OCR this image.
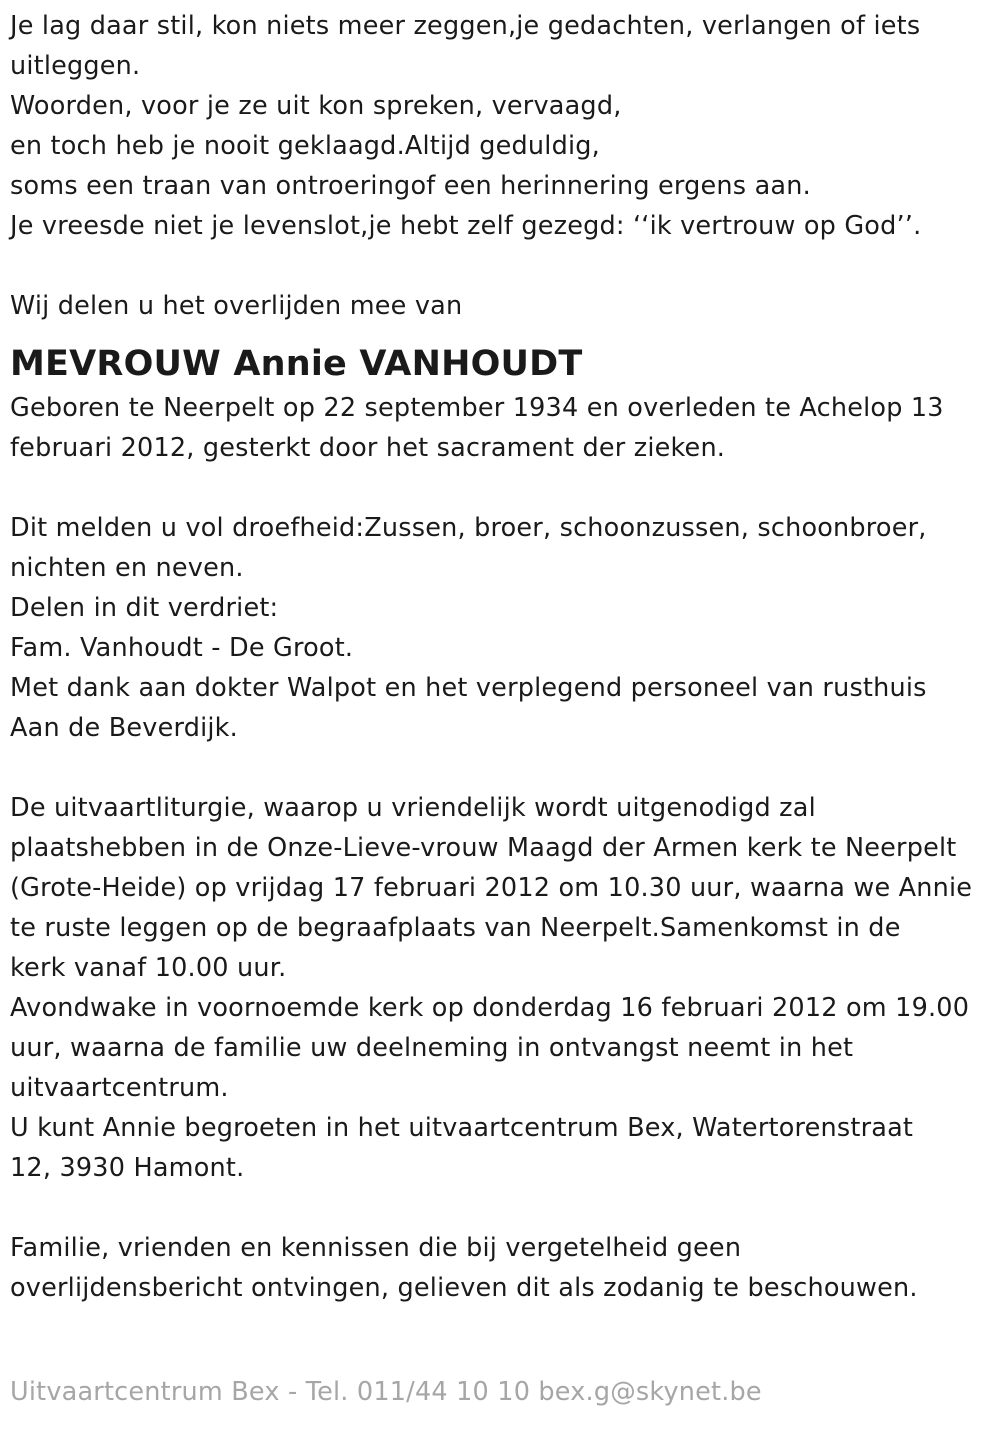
Je lag daar stil, kon niets meer zeggen,je gedachten, verlangen of iets
uitleggen.
Woorden, voor je ze uit kon spreken, vervaagd,
en toch heb je nooit geklaagd.Altijd geduldig,
soms een traan van ontroeringof een herinnering ergens aan.
Je vreesde niet je levenslot,je hebt zelf gezegd: ‘‘ik vertrouw op God’’.
Wij delen u het overlijden mee van
MEVROUW Annie VANHOUDT
Geboren te Neerpelt op 22 september 1934 en overleden te Achelop 13
februari 2012, gesterkt door het sacrament der zieken.
Dit melden u vol droefheid:Zussen, broer, schoonzussen, schoonbroer,
nichten en neven.
Delen in dit verdriet:
Fam. Vanhoudt - De Groot.
Met dank aan dokter Walpot en het verplegend personeel van rusthuis
Aan de Beverdijk.
De uitvaartliturgie, waarop u vriendelijk wordt uitgenodigd zal
plaatshebben in de Onze-Lieve-vrouw Maagd der Armen kerk te Neerpelt
(Grote-Heide) op vrijdag 17 februari 2012 om 10.30 uur, waarna we Annie
te ruste leggen op de begraafplaats van Neerpelt.Samenkomst in de
kerk vanaf 10.00 uur.
Avondwake in voornoemde kerk op donderdag 16 februari 2012 om 19.00
uur, waarna de familie uw deelneming in ontvangst neemt in het
uitvaartcentrum.
U kunt Annie begroeten in het uitvaartcentrum Bex, Watertorenstraat
12, 3930 Hamont.
Familie, vrienden en kennissen die bij vergetelheid geen
overlijdensbericht ontvingen, gelieven dit als zodanig te beschouwen.
Uitvaartcentrum Bex - Tel. 011/44 10 10 bex.g@skynet.be
